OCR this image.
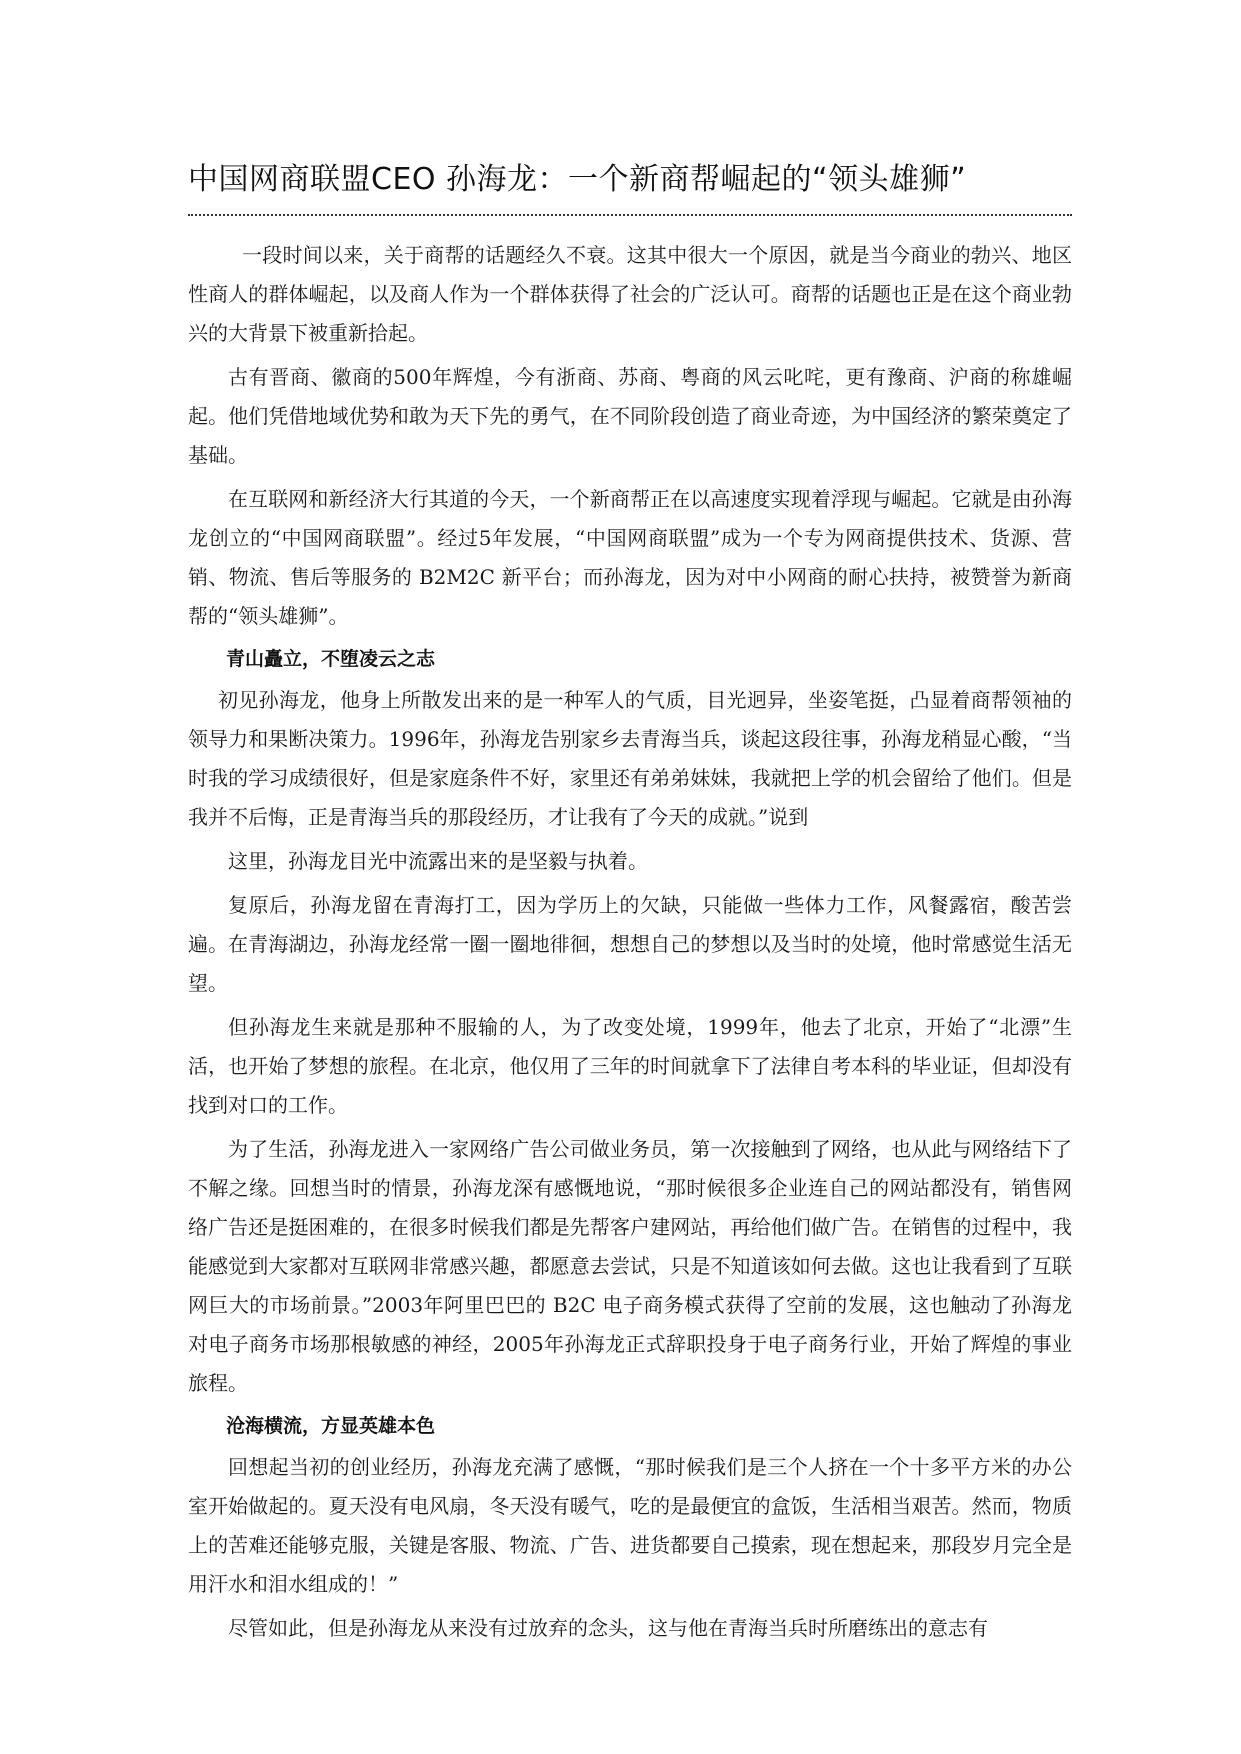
中国网商联盟CEO 孙海龙：一个新商帮崛起的“领头雄狮”

一段时间以来，关于商帮的话题经久不衰。这其中很大一个原因，就是当今商业的勃兴、地区性商人的群体崛起，以及商人作为一个群体获得了社会的广泛认可。商帮的话题也正是在这个商业勃兴的大背景下被重新拾起。

古有晋商、徽商的500年辉煌，今有浙商、苏商、粤商的风云叱咤，更有豫商、沪商的称雄崛起。他们凭借地域优势和敢为天下先的勇气，在不同阶段创造了商业奇迹，为中国经济的繁荣奠定了基础。

在互联网和新经济大行其道的今天，一个新商帮正在以高速度实现着浮现与崛起。它就是由孙海龙创立的“中国网商联盟”。经过5年发展，“中国网商联盟”成为一个专为网商提供技术、货源、营销、物流、售后等服务的 B2M2C 新平台；而孙海龙，因为对中小网商的耐心扶持，被赞誉为新商帮的“领头雄狮”。

青山矗立，不堕凌云之志

初见孙海龙，他身上所散发出来的是一种军人的气质，目光迥异，坐姿笔挺，凸显着商帮领袖的领导力和果断决策力。1996年，孙海龙告别家乡去青海当兵，谈起这段往事，孙海龙稍显心酸，“当时我的学习成绩很好，但是家庭条件不好，家里还有弟弟妹妹，我就把上学的机会留给了他们。但是我并不后悔，正是青海当兵的那段经历，才让我有了今天的成就。”说到

这里，孙海龙目光中流露出来的是坚毅与执着。

复原后，孙海龙留在青海打工，因为学历上的欠缺，只能做一些体力工作，风餐露宿，酸苦尝遍。在青海湖边，孙海龙经常一圈一圈地徘徊，想想自己的梦想以及当时的处境，他时常感觉生活无望。

但孙海龙生来就是那种不服输的人，为了改变处境，1999年，他去了北京，开始了“北漂”生活，也开始了梦想的旅程。在北京，他仅用了三年的时间就拿下了法律自考本科的毕业证，但却没有找到对口的工作。

为了生活，孙海龙进入一家网络广告公司做业务员，第一次接触到了网络，也从此与网络结下了不解之缘。回想当时的情景，孙海龙深有感慨地说，“那时候很多企业连自己的网站都没有，销售网络广告还是挺困难的，在很多时候我们都是先帮客户建网站，再给他们做广告。在销售的过程中，我能感觉到大家都对互联网非常感兴趣，都愿意去尝试，只是不知道该如何去做。这也让我看到了互联网巨大的市场前景。”2003年阿里巴巴的 B2C 电子商务模式获得了空前的发展，这也触动了孙海龙对电子商务市场那根敏感的神经，2005年孙海龙正式辞职投身于电子商务行业，开始了辉煌的事业旅程。

沧海横流，方显英雄本色

回想起当初的创业经历，孙海龙充满了感慨，“那时候我们是三个人挤在一个十多平方米的办公室开始做起的。夏天没有电风扇，冬天没有暖气，吃的是最便宜的盒饭，生活相当艰苦。然而，物质上的苦难还能够克服，关键是客服、物流、广告、进货都要自己摸索，现在想起来，那段岁月完全是用汗水和泪水组成的！”

尽管如此，但是孙海龙从来没有过放弃的念头，这与他在青海当兵时所磨练出的意志有
